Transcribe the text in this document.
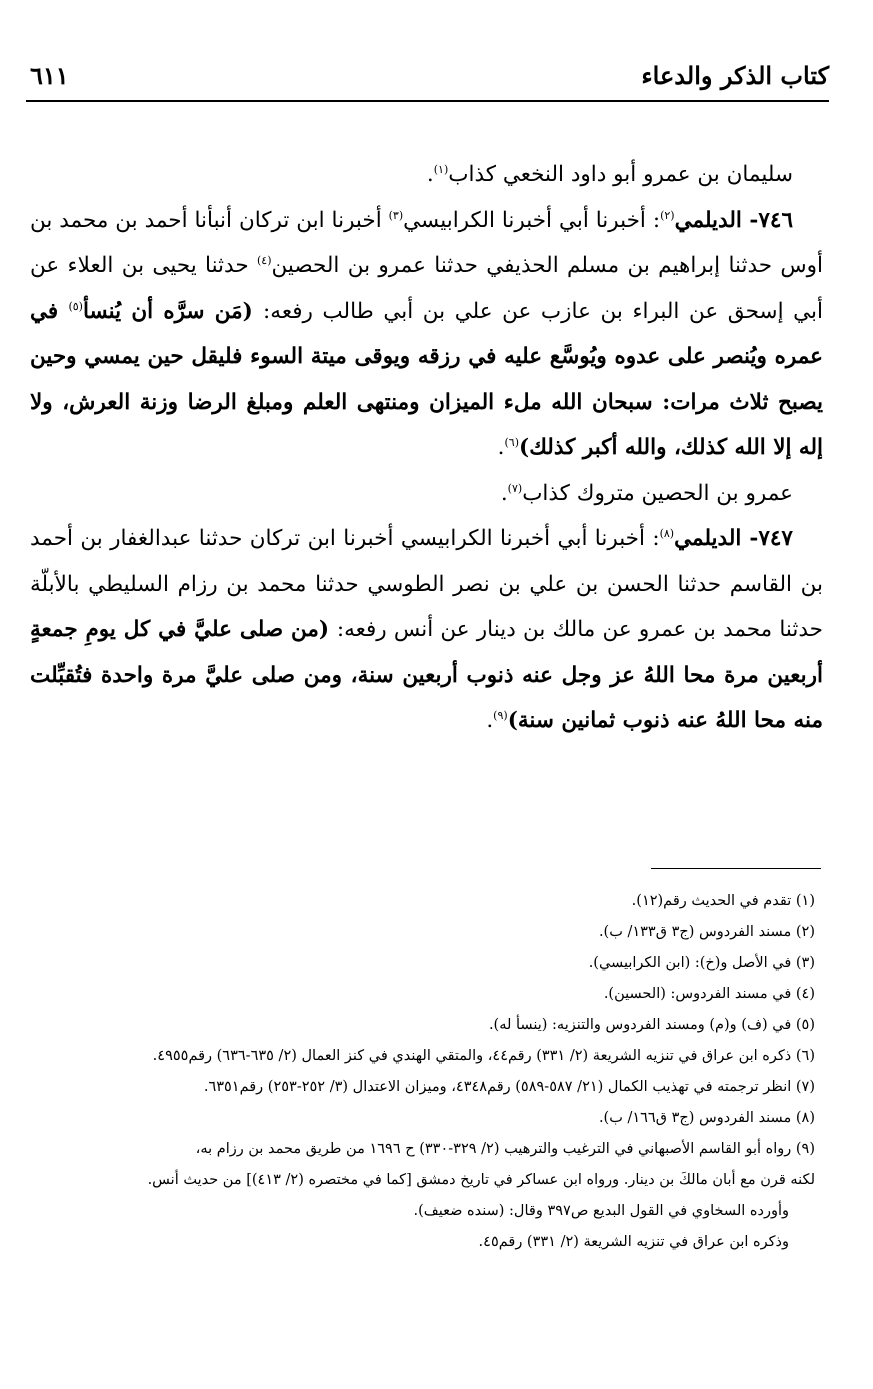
كتاب الذكر والدعاء
٦١١

سليمان بن عمرو أبو داود النخعي كذاب$^{(١)}$.

٧٤٦- الديلمي$^{(٢)}$: أخبرنا أبي أخبرنا الكرابيسي$^{(٣)}$ أخبرنا ابن تركان أنبأنا أحمد بن محمد بن أوس حدثنا إبراهيم بن مسلم الحذيفي حدثنا عمرو بن الحصين$^{(٤)}$ حدثنا يحيى بن العلاء عن أبي إسحق عن البراء بن عازب عن علي بن أبي طالب رفعه: (مَن سرَّه أن يُنسأ$^{(٥)}$ في عمره ويُنصر على عدوه ويُوسَّع عليه في رزقه ويوقى ميتة السوء فليقل حين يمسي وحين يصبح ثلاث مرات: سبحان الله ملء الميزان ومنتهى العلم ومبلغ الرضا وزنة العرش، ولا إله إلا الله كذلك، والله أكبر كذلك)$^{(٦)}$.

عمرو بن الحصين متروك كذاب$^{(٧)}$.

٧٤٧- الديلمي$^{(٨)}$: أخبرنا أبي أخبرنا الكرابيسي أخبرنا ابن تركان حدثنا عبدالغفار بن أحمد بن القاسم حدثنا الحسن بن علي بن نصر الطوسي حدثنا محمد بن رزام السليطي بالأبلّة حدثنا محمد بن عمرو عن مالك بن دينار عن أنس رفعه: (من صلى عليَّ في كل يومِ جمعةٍ أربعين مرة محا اللهُ عز وجل عنه ذنوب أربعين سنة، ومن صلى عليَّ مرة واحدة فتُقبِّلت منه محا اللهُ عنه ذنوب ثمانين سنة)$^{(٩)}$.

(١) تقدم في الحديث رقم(١٢).

(٢) مسند الفردوس (ج٣ ق١٣٣/ ب).

(٣) في الأصل و(خ): (ابن الكرابيسي).

(٤) في مسند الفردوس: (الحسين).

(٥) في (ف) و(م) ومسند الفردوس والتنزيه: (ينسأ له).

(٦) ذكره ابن عراق في تنزيه الشريعة (٢/ ٣٣١) رقم٤٤، والمتقي الهندي في كنز العمال (٢/ ٦٣٥-٦٣٦) رقم٤٩٥٥.

(٧) انظر ترجمته في تهذيب الكمال (٢١/ ٥٨٧-٥٨٩) رقم٤٣٤٨، وميزان الاعتدال (٣/ ٢٥٢-٢٥٣) رقم٦٣٥١.

(٨) مسند الفردوس (ج٣ ق١٦٦/ ب).

(٩) رواه أبو القاسم الأصبهاني في الترغيب والترهيب (٢/ ٣٢٩-٣٣٠) ح ١٦٩٦ من طريق محمد بن رزام به،

لكنه قرن مع أبان مالكَ بن دينار. ورواه ابن عساكر في تاريخ دمشق [كما في مختصره (٢/ ٤١٣)] من حديث أنس.

وأورده السخاوي في القول البديع ص٣٩٧ وقال: (سنده ضعيف).

وذكره ابن عراق في تنزيه الشريعة (٢/ ٣٣١) رقم٤٥.
